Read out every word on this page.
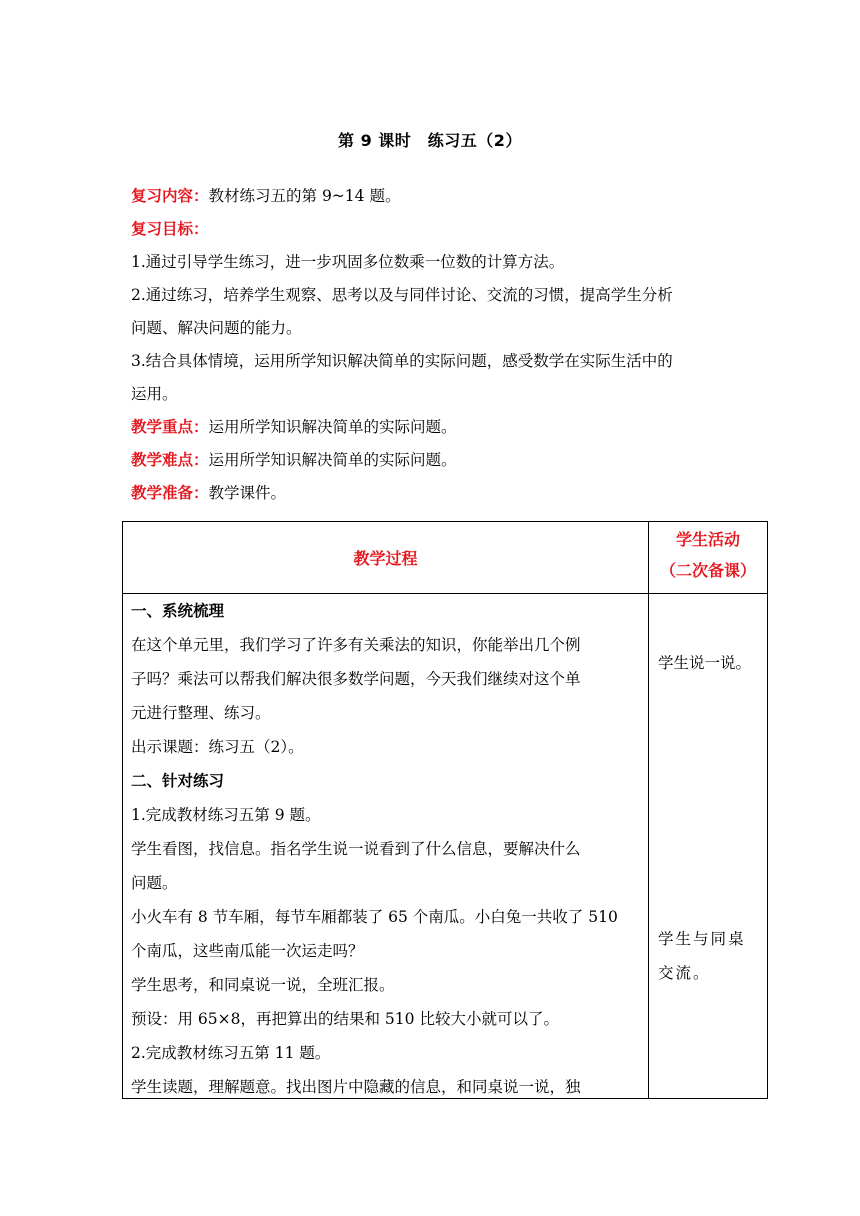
第 9 课时　练习五（2）
复习内容：教材练习五的第 9~14 题。
复习目标：
1.通过引导学生练习，进一步巩固多位数乘一位数的计算方法。
2.通过练习，培养学生观察、思考以及与同伴讨论、交流的习惯，提高学生分析
问题、解决问题的能力。
3.结合具体情境，运用所学知识解决简单的实际问题，感受数学在实际生活中的
运用。
教学重点：运用所学知识解决简单的实际问题。
教学难点：运用所学知识解决简单的实际问题。
教学准备：教学课件。
教学过程
学生活动
（二次备课）
一、系统梳理
在这个单元里，我们学习了许多有关乘法的知识，你能举出几个例
子吗？乘法可以帮我们解决很多数学问题，今天我们继续对这个单
元进行整理、练习。
出示课题：练习五（2）。
二、针对练习
1.完成教材练习五第 9 题。
学生看图，找信息。指名学生说一说看到了什么信息，要解决什么
问题。
小火车有 8 节车厢，每节车厢都装了 65 个南瓜。小白兔一共收了 510
个南瓜，这些南瓜能一次运走吗？
学生思考，和同桌说一说，全班汇报。
预设：用 65×8，再把算出的结果和 510 比较大小就可以了。
2.完成教材练习五第 11 题。
学生读题，理解题意。找出图片中隐藏的信息，和同桌说一说，独
学生说一说。
学生与同桌
交流。
